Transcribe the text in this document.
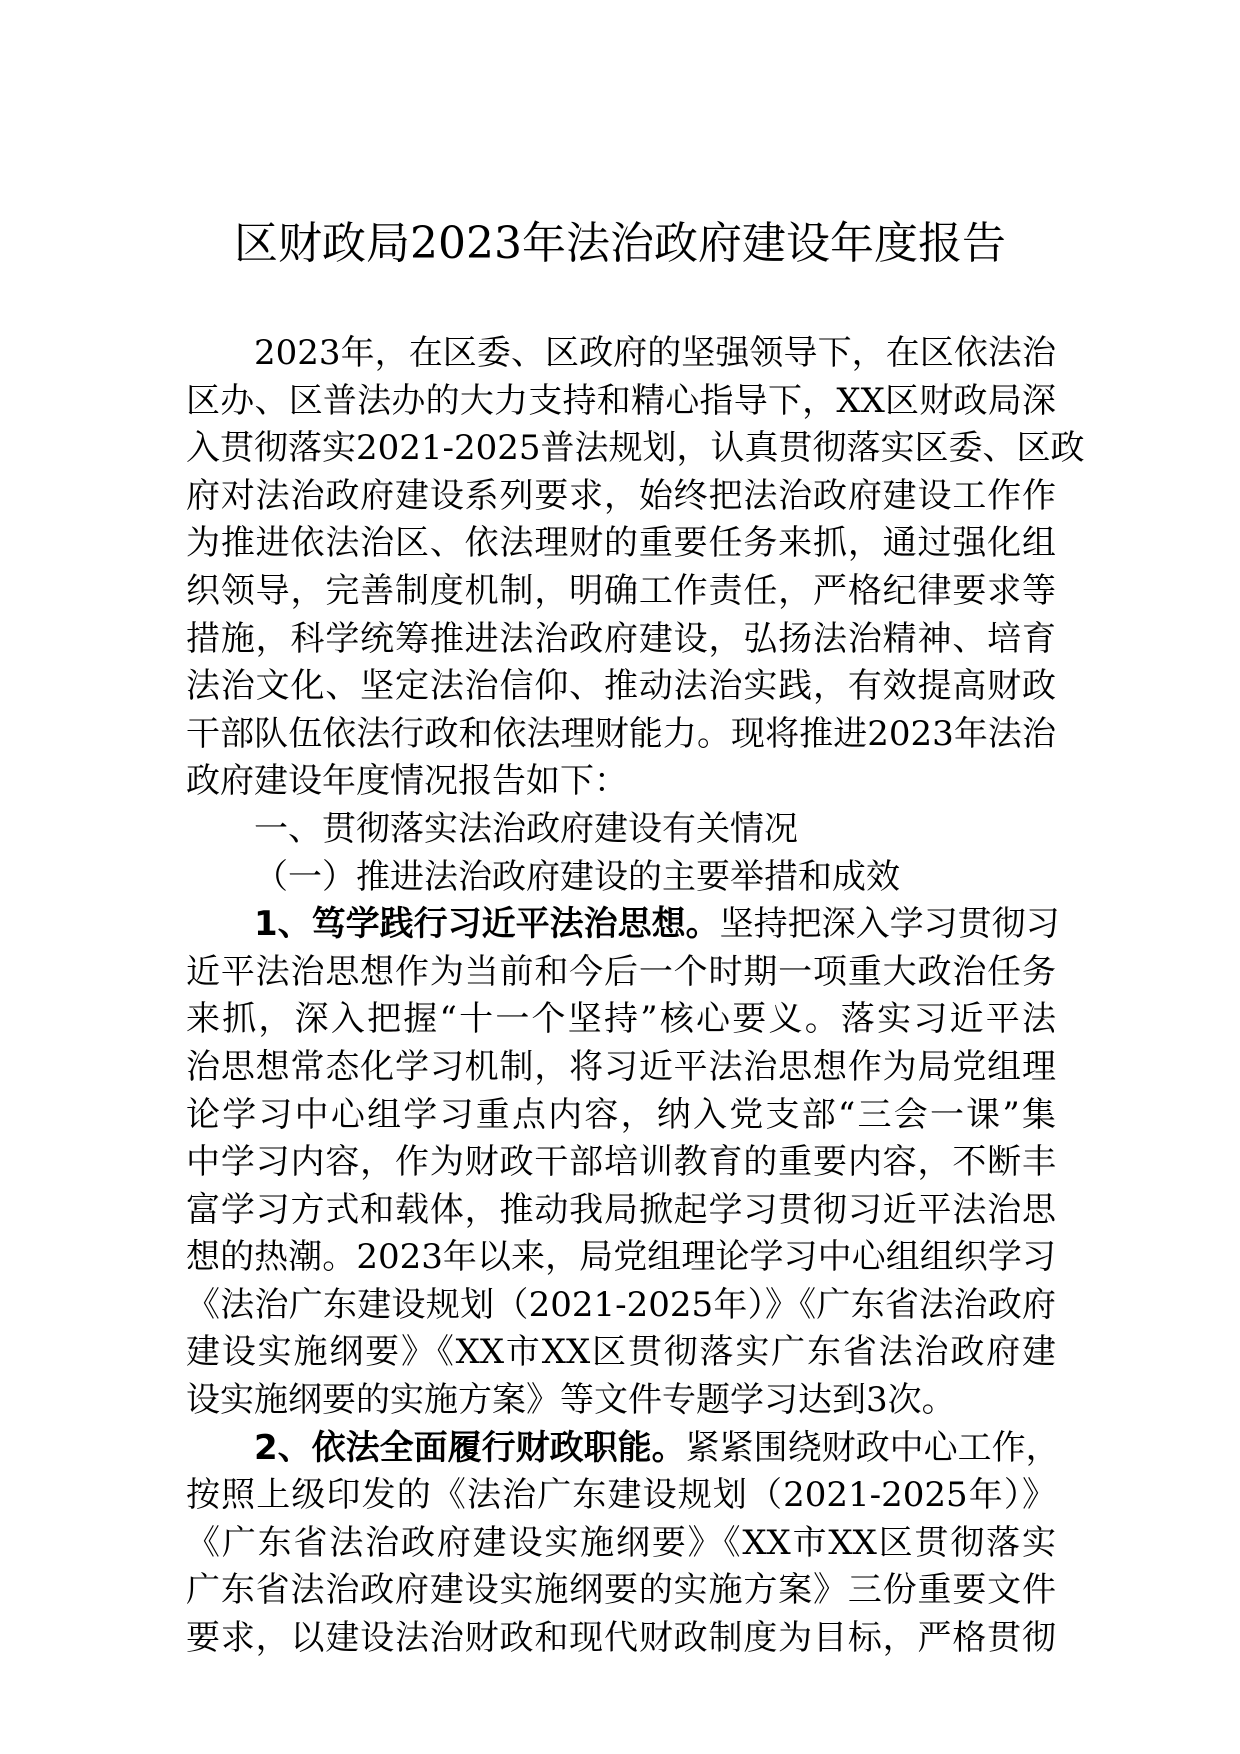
区财政局2023年法治政府建设年度报告
2023年，在区委、区政府的坚强领导下，在区依法治
区办、区普法办的大力支持和精心指导下，XX区财政局深
入贯彻落实2021-2025普法规划，认真贯彻落实区委、区政
府对法治政府建设系列要求，始终把法治政府建设工作作
为推进依法治区、依法理财的重要任务来抓，通过强化组
织领导，完善制度机制，明确工作责任，严格纪律要求等
措施，科学统筹推进法治政府建设，弘扬法治精神、培育
法治文化、坚定法治信仰、推动法治实践，有效提高财政
干部队伍依法行政和依法理财能力。现将推进2023年法治
政府建设年度情况报告如下：
一、贯彻落实法治政府建设有关情况
（一）推进法治政府建设的主要举措和成效
1、笃学践行习近平法治思想。坚持把深入学习贯彻习
近平法治思想作为当前和今后一个时期一项重大政治任务
来抓，深入把握“十一个坚持”核心要义。落实习近平法
治思想常态化学习机制，将习近平法治思想作为局党组理
论学习中心组学习重点内容，纳入党支部“三会一课”集
中学习内容，作为财政干部培训教育的重要内容，不断丰
富学习方式和载体，推动我局掀起学习贯彻习近平法治思
想的热潮。2023年以来，局党组理论学习中心组组织学习
《法治广东建设规划（2021-2025年）》《广东省法治政府
建设实施纲要》《XX市XX区贯彻落实广东省法治政府建
设实施纲要的实施方案》等文件专题学习达到3次。
2、依法全面履行财政职能。紧紧围绕财政中心工作，
按照上级印发的《法治广东建设规划（2021-2025年）》
《广东省法治政府建设实施纲要》《XX市XX区贯彻落实
广东省法治政府建设实施纲要的实施方案》三份重要文件
要求，以建设法治财政和现代财政制度为目标，严格贯彻
